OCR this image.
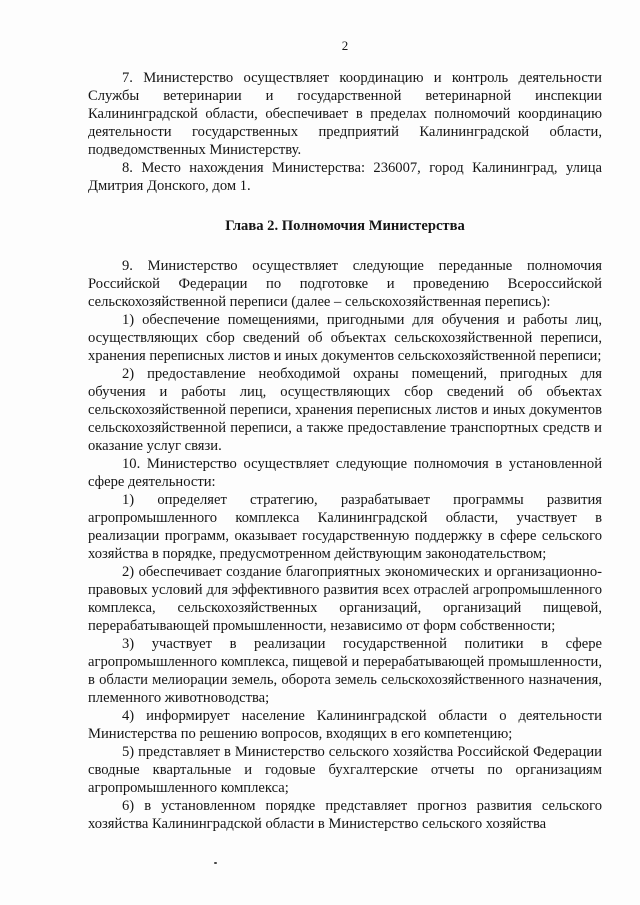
2

7. Министерство осуществляет координацию и контроль деятельности Службы ветеринарии и государственной ветеринарной инспекции Калининградской области, обеспечивает в пределах полномочий координацию деятельности государственных предприятий Калининградской области, подведомственных Министерству.

8. Место нахождения Министерства: 236007, город Калининград, улица Дмитрия Донского, дом 1.

Глава 2. Полномочия Министерства

9. Министерство осуществляет следующие переданные полномочия Российской Федерации по подготовке и проведению Всероссийской сельскохозяйственной переписи (далее – сельскохозяйственная перепись):

1) обеспечение помещениями, пригодными для обучения и работы лиц, осуществляющих сбор сведений об объектах сельскохозяйственной переписи, хранения переписных листов и иных документов сельскохозяйственной переписи;

2) предоставление необходимой охраны помещений, пригодных для обучения и работы лиц, осуществляющих сбор сведений об объектах сельскохозяйственной переписи, хранения переписных листов и иных документов сельскохозяйственной переписи, а также предоставление транспортных средств и оказание услуг связи.

10. Министерство осуществляет следующие полномочия в установленной сфере деятельности:

1) определяет стратегию, разрабатывает программы развития агропромышленного комплекса Калининградской области, участвует в реализации программ, оказывает государственную поддержку в сфере сельского хозяйства в порядке, предусмотренном действующим законодательством;

2) обеспечивает создание благоприятных экономических и организационно-правовых условий для эффективного развития всех отраслей агропромышленного комплекса, сельскохозяйственных организаций, организаций пищевой, перерабатывающей промышленности, независимо от форм собственности;

3) участвует в реализации государственной политики в сфере агропромышленного комплекса, пищевой и перерабатывающей промышленности, в области мелиорации земель, оборота земель сельскохозяйственного назначения, племенного животноводства;

4) информирует население Калининградской области о деятельности Министерства по решению вопросов, входящих в его компетенцию;

5) представляет в Министерство сельского хозяйства Российской Федерации сводные квартальные и годовые бухгалтерские отчеты по организациям агропромышленного комплекса;

6) в установленном порядке представляет прогноз развития сельского хозяйства Калининградской области в Министерство сельского хозяйства
